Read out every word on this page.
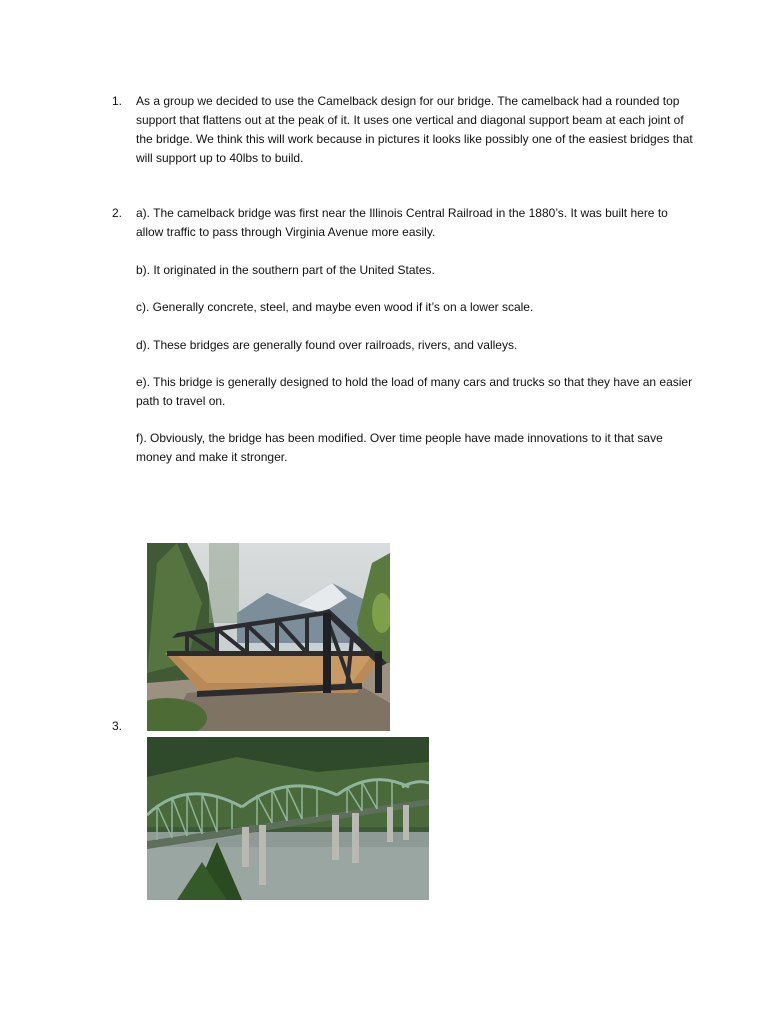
1. As a group we decided to use the Camelback design for our bridge. The camelback had a rounded top support that flattens out at the peak of it. It uses one vertical and diagonal support beam at each joint of the bridge. We think this will work because in pictures it looks like possibly one of the easiest bridges that will support up to 40lbs to build.
2. a). The camelback bridge was first near the Illinois Central Railroad in the 1880’s. It was built here to allow traffic to pass through Virginia Avenue more easily.
b). It originated in the southern part of the United States.
c). Generally concrete, steel, and maybe even wood if it’s on a lower scale.
d). These bridges are generally found over railroads, rivers, and valleys.
e). This bridge is generally designed to hold the load of many cars and trucks so that they have an easier path to travel on.
f). Obviously, the bridge has been modified. Over time people have made innovations to it that save money and make it stronger.
3.
